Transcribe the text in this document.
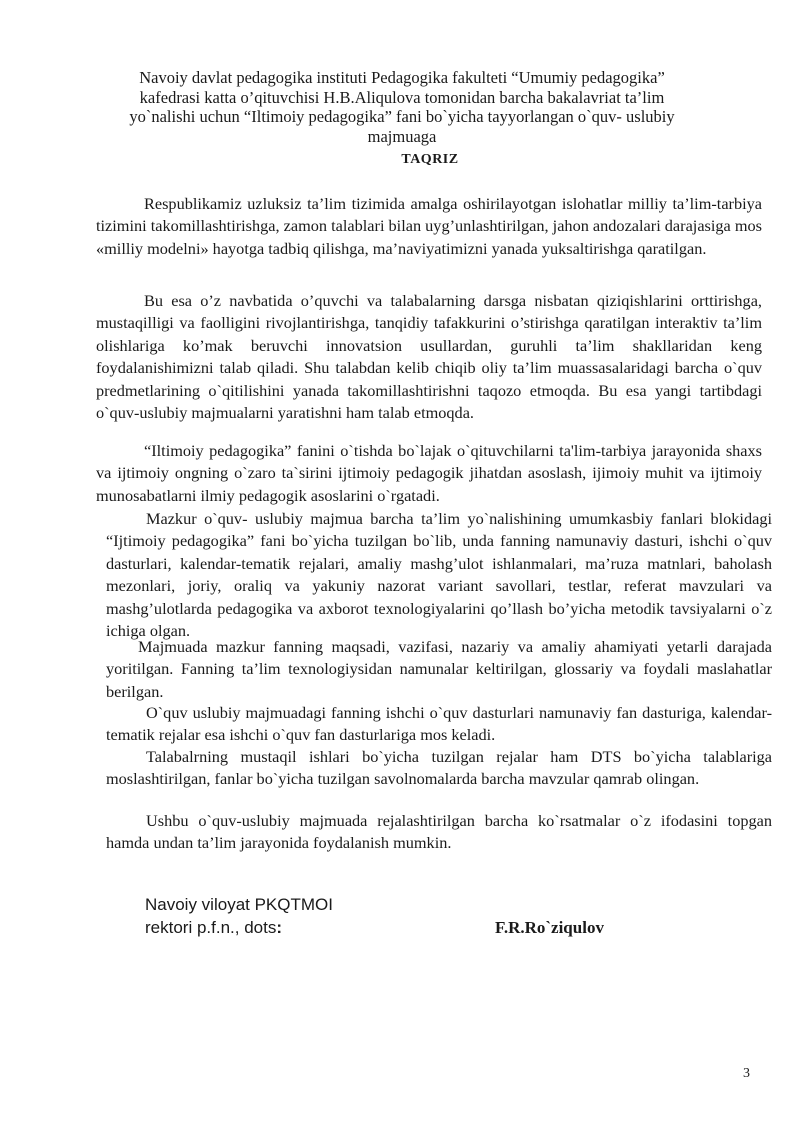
Navoiy davlat pedagogika instituti Pedagogika fakulteti “Umumiy pedagogika”
kafedrasi katta o’qituvchisi H.B.Aliqulova tomonidan barcha bakalavriat ta’lim
yo`nalishi uchun “Iltimoiy pedagogika” fani bo`yicha tayyorlangan o`quv- uslubiy
majmuaga
TAQRIZ

Respublikamiz uzluksiz ta’lim tizimida amalga oshirilayotgan islohatlar milliy ta’lim-tarbiya tizimini takomillashtirishga, zamon talablari bilan uyg’unlashtirilgan, jahon andozalari darajasiga mos «milliy modelni» hayotga tadbiq qilishga, ma’naviyatimizni yanada yuksaltirishga qaratilgan.

Bu esa o’z navbatida o’quvchi va talabalarning darsga nisbatan qiziqishlarini orttirishga, mustaqilligi va faolligini rivojlantirishga, tanqidiy tafakkurini o’stirishga qaratilgan interaktiv ta’lim olishlariga ko’mak beruvchi innovatsion usullardan, guruhli ta’lim shakllaridan keng foydalanishimizni talab qiladi. Shu talabdan kelib chiqib oliy ta’lim muassasalaridagi barcha o`quv predmetlarining o`qitilishini yanada takomillashtirishni taqozo etmoqda. Bu esa yangi tartibdagi o`quv-uslubiy majmualarni yaratishni ham talab etmoqda.

“Iltimoiy pedagogika” fanini o`tishda bo`lajak o`qituvchilarni ta'lim-tarbiya jarayonida shaxs va ijtimoiy ongning o`zaro ta`sirini ijtimoiy pedagogik jihatdan asoslash, ijimoiy muhit va ijtimoiy munosabatlarni ilmiy pedagogik asoslarini o`rgatadi.

Mazkur o`quv- uslubiy majmua barcha ta’lim yo`nalishining umumkasbiy fanlari blokidagi “Ijtimoiy pedagogika” fani bo`yicha tuzilgan bo`lib, unda fanning namunaviy dasturi, ishchi o`quv dasturlari, kalendar-tematik rejalari, amaliy mashg’ulot ishlanmalari, ma’ruza matnlari, baholash mezonlari, joriy, oraliq va yakuniy nazorat variant savollari, testlar, referat mavzulari va mashg’ulotlarda pedagogika va axborot texnologiyalarini qo’llash bo’yicha metodik tavsiyalarni o`z ichiga olgan.

Majmuada mazkur fanning maqsadi, vazifasi, nazariy va amaliy ahamiyati yetarli darajada yoritilgan. Fanning ta’lim texnologiysidan namunalar keltirilgan, glossariy va foydali maslahatlar berilgan.

O`quv uslubiy majmuadagi fanning ishchi o`quv dasturlari namunaviy fan dasturiga, kalendar-tematik rejalar esa ishchi o`quv fan dasturlariga mos keladi.

Talabalrning mustaqil ishlari bo`yicha tuzilgan rejalar ham DTS bo`yicha talablariga moslashtirilgan, fanlar bo`yicha tuzilgan savolnomalarda barcha mavzular qamrab olingan.

Ushbu o`quv-uslubiy majmuada rejalashtirilgan barcha ko`rsatmalar o`z ifodasini topgan hamda undan ta’lim jarayonida foydalanish mumkin.

Navoiy viloyat PKQTMOI
rektori p.f.n., dots:	F.R.Ro`ziqulov
3
